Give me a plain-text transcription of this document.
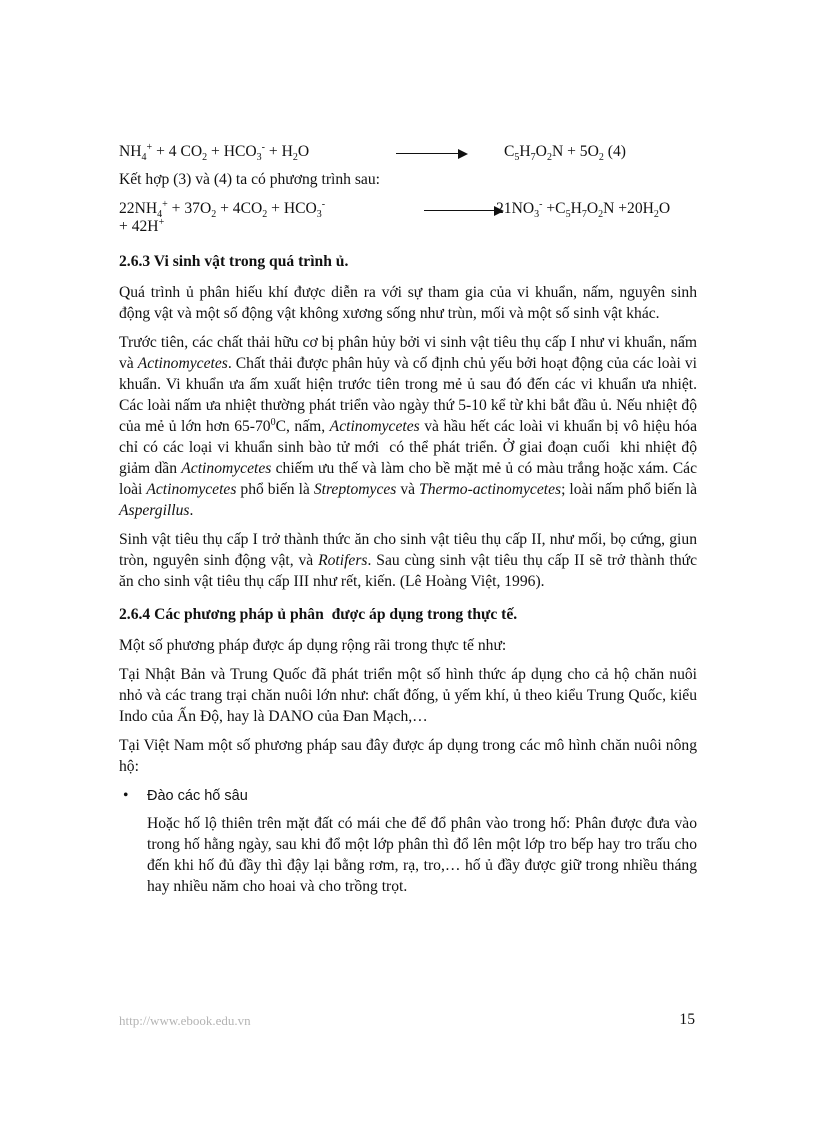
$NH_4^+ + 4$ $CO_2 + HCO_3^- + H_2O$	$C_5H_7O_2N + 5O_2$ (4)

Kết hợp (3) và (4) ta có phương trình sau:

$22NH_4^+ + 37O_2 + 4CO_2 + HCO_3^-$	$21NO_3^- +C_5H_7O_2N +20H_2O$
+ 42H+

2.6.3 Vi sinh vật trong quá trình ủ.

Quá trình ủ phân hiếu khí được diễn ra với sự tham gia của vi khuẩn, nấm, nguyên sinh động vật và một số động vật không xương sống như trùn, mối và một số sinh vật khác.

Trước tiên, các chất thải hữu cơ bị phân hủy bởi vi sinh vật tiêu thụ cấp I như vi khuẩn, nấm và Actinomycetes. Chất thải được phân hủy và cố định chủ yếu bởi hoạt động của các loài vi khuẩn. Vi khuẩn ưa ấm xuất hiện trước tiên trong mẻ ủ sau đó đến các vi khuẩn ưa nhiệt. Các loài nấm ưa nhiệt thường phát triển vào ngày thứ 5-10 kể từ khi bắt đầu ủ. Nếu nhiệt độ của mẻ ủ lớn hơn $65-70^0C$, nấm, Actinomycetes và hầu hết các loài vi khuẩn bị vô hiệu hóa chỉ có các loại vi khuẩn sinh bào tử mới  có thể phát triển. Ở giai đoạn cuối  khi nhiệt độ giảm dần Actinomycetes chiếm ưu thế và làm cho bề mặt mẻ ủ có màu trắng hoặc xám. Các loài Actinomycetes phổ biến là Streptomyces và Thermo-actinomycetes; loài nấm phổ biến là Aspergillus.

Sinh vật tiêu thụ cấp I trở thành thức ăn cho sinh vật tiêu thụ cấp II, như mối, bọ cứng, giun tròn, nguyên sinh động vật, và Rotifers. Sau cùng sinh vật tiêu thụ cấp II sẽ trở thành thức ăn cho sinh vật tiêu thụ cấp III như rết, kiến. (Lê Hoàng Việt, 1996).

2.6.4 Các phương pháp ủ phân  được áp dụng trong thực tế.

Một số phương pháp được áp dụng rộng rãi trong thực tế như:

Tại Nhật Bản và Trung Quốc đã phát triển một số hình thức áp dụng cho cả hộ chăn nuôi nhỏ và các trang trại chăn nuôi lớn như: chất đống, ủ yếm khí, ủ theo kiểu Trung Quốc, kiểu Indo của Ấn Độ, hay là DANO của Đan Mạch,…

Tại Việt Nam một số phương pháp sau đây được áp dụng trong các mô hình chăn nuôi nông hộ:

• Đào các hố sâu

Hoặc hố lộ thiên trên mặt đất có mái che để đổ phân vào trong hố: Phân được đưa vào trong hố hằng ngày, sau khi đổ một lớp phân thì đổ lên một lớp tro bếp hay tro trấu cho đến khi hố đủ đầy thì đậy lại bằng rơm, rạ, tro,… hố ủ đầy được giữ trong nhiều tháng hay nhiều năm cho hoai và cho trồng trọt.

http://www.ebook.edu.vn	15
